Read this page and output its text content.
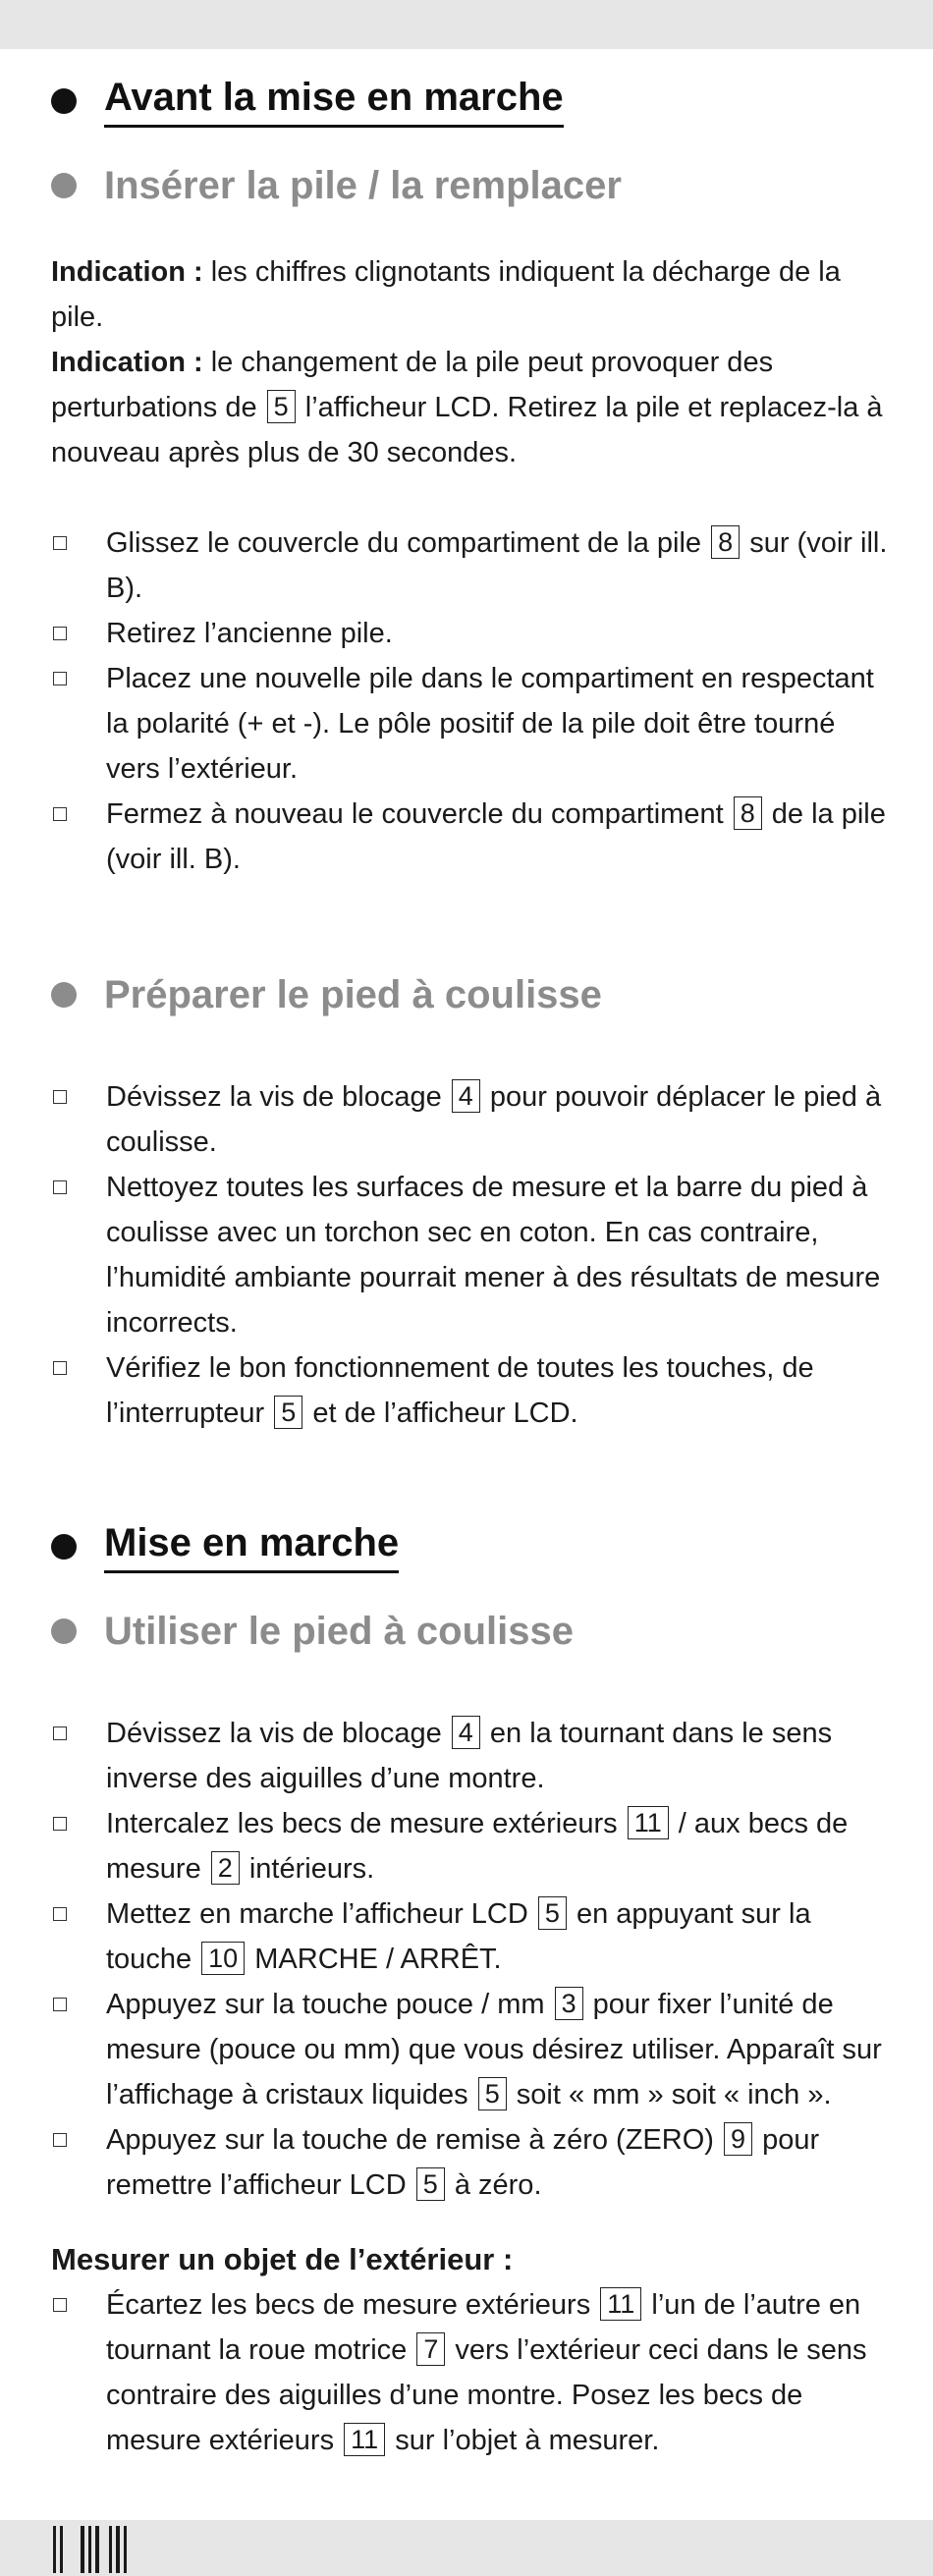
Avant la mise en marche
Insérer la pile / la remplacer

Indication : les chiffres clignotants indiquent la décharge de la pile.

Indication : le changement de la pile peut provoquer des perturbations de 5 l’afficheur LCD. Retirez la pile et replacez-la à nouveau après plus de 30 secondes.

Glissez le couvercle du compartiment de la pile 8 sur (voir ill. B).
Retirez l’ancienne pile.
Placez une nouvelle pile dans le compartiment en respectant la polarité (+ et -). Le pôle positif de la pile doit être tourné vers l’extérieur.
Fermez à nouveau le couvercle du compartiment 8 de la pile (voir ill. B).
Préparer le pied à coulisse
Dévissez la vis de blocage 4 pour pouvoir déplacer le pied à coulisse.
Nettoyez toutes les surfaces de mesure et la barre du pied à coulisse avec un torchon sec en coton. En cas contraire, l’humidité ambiante pourrait mener à des résultats de mesure incorrects.
Vérifiez le bon fonctionnement de toutes les touches, de l’interrupteur 5 et de l’afficheur LCD.
Mise en marche
Utiliser le pied à coulisse
Dévissez la vis de blocage 4 en la tournant dans le sens inverse des aiguilles d’une montre.
Intercalez les becs de mesure extérieurs 11 / aux becs de mesure 2 intérieurs.
Mettez en marche l’afficheur LCD 5 en appuyant sur la touche 10 MARCHE / ARRÊT.
Appuyez sur la touche pouce / mm 3 pour fixer l’unité de mesure (pouce ou mm) que vous désirez utiliser. Apparaît sur l’affichage à cristaux liquides 5 soit « mm » soit « inch ».
Appuyez sur la touche de remise à zéro (ZERO) 9 pour remettre l’afficheur LCD 5 à zéro.

Mesurer un objet de l’extérieur :

Écartez les becs de mesure extérieurs 11 l’un de l’autre en tournant la roue motrice 7 vers l’extérieur ceci dans le sens contraire des aiguilles d’une montre. Posez les becs de mesure extérieurs 11 sur l’objet à mesurer.
